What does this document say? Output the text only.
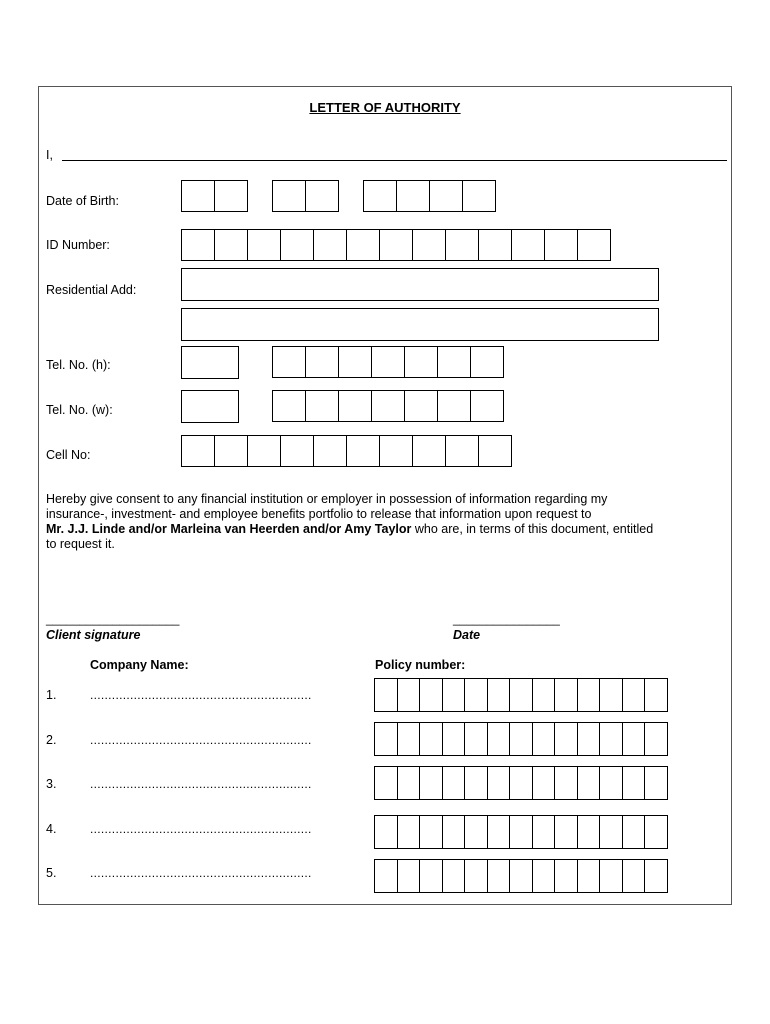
LETTER OF AUTHORITY
I,
Date of Birth:
ID Number:
Residential Add:
Tel. No. (h):
Tel. No. (w):
Cell No:
Hereby give consent to any financial institution or employer in possession of information regarding my
insurance-, investment- and employee benefits portfolio to release that information upon request to
Mr. J.J. Linde and/or Marleina van Heerden and/or Amy Taylor who are, in terms of this document, entitled
to request it.
____________________
Client signature
________________
Date
Company Name:	Policy number:
1.	.............................................................
2.	.............................................................
3.	.............................................................
4.	.............................................................
5.	.............................................................
